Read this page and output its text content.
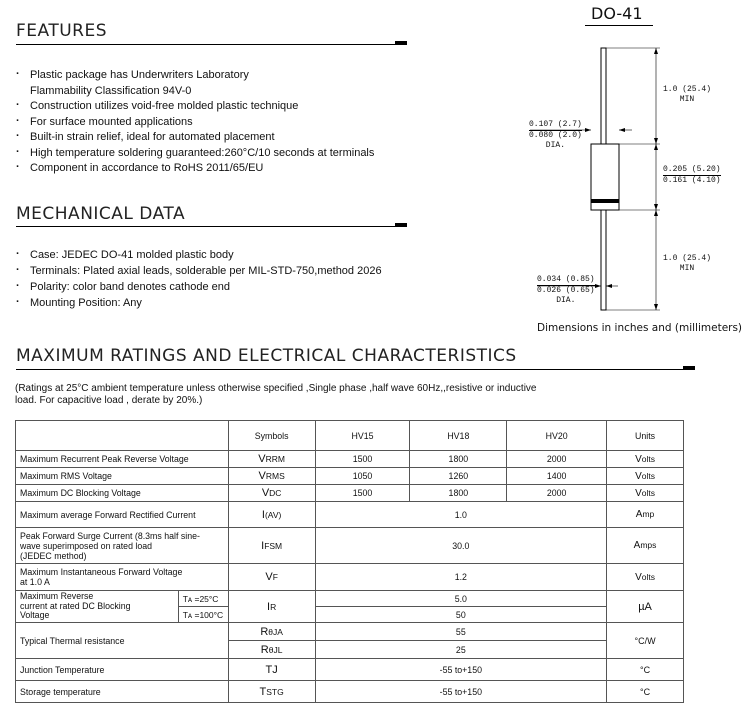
FEATURES
· Plastic package has Underwriters Laboratory
Flammability Classification 94V-0
· Construction utilizes void-free molded plastic technique
· For surface mounted applications
· Built-in strain relief, ideal for automated placement
· High temperature soldering guaranteed:260°C/10 seconds at terminals
· Component in accordance to RoHS 2011/65/EU
MECHANICAL DATA
· Case: JEDEC DO-41 molded plastic body
· Terminals: Plated axial leads, solderable per MIL-STD-750,method 2026
· Polarity: color band denotes cathode end
· Mounting Position: Any
DO-41
1.0 (25.4)
MIN
0.107 (2.7)
0.080 (2.0)
DIA.
0.205 (5.20)
0.161 (4.10)
1.0 (25.4)
MIN
0.034 (0.85)
0.026 (0.65)
DIA.
Dimensions in inches and (millimeters)
MAXIMUM RATINGS AND ELECTRICAL CHARACTERISTICS
(Ratings at 25°C ambient temperature unless otherwise specified ,Single phase ,half wave 60Hz,,resistive or inductive
load. For capacitive load , derate by 20%.)
		Symbols	HV15	HV18	HV20	Units
Maximum Recurrent Peak Reverse Voltage		VRRM	1500	1800	2000	Volts
Maximum RMS Voltage		VRMS	1050	1260	1400	Volts
Maximum DC Blocking Voltage		VDC	1500	1800	2000	Volts
Maximum average Forward Rectified Current		I(AV)	1.0			Amp

Peak Forward Surge Current (8.3ms half sine-
wave superimposed on rated load
(JEDEC method)		IFSM	30.0			Amps

Maximum Instantaneous Forward Voltage
at 1.0 A		VF	1.2			Volts

Maximum Reverse
current at rated DC Blocking
Voltage	Tᴀ =25°C	IR	5.0			µA
	Tᴀ =100°C		50			
Typical Thermal resistance		RθJA	55			°C/W
		RθJL	25			
Junction Temperature		TJ	-55 to+150			°C
Storage temperature		TSTG	-55 to+150			°C
